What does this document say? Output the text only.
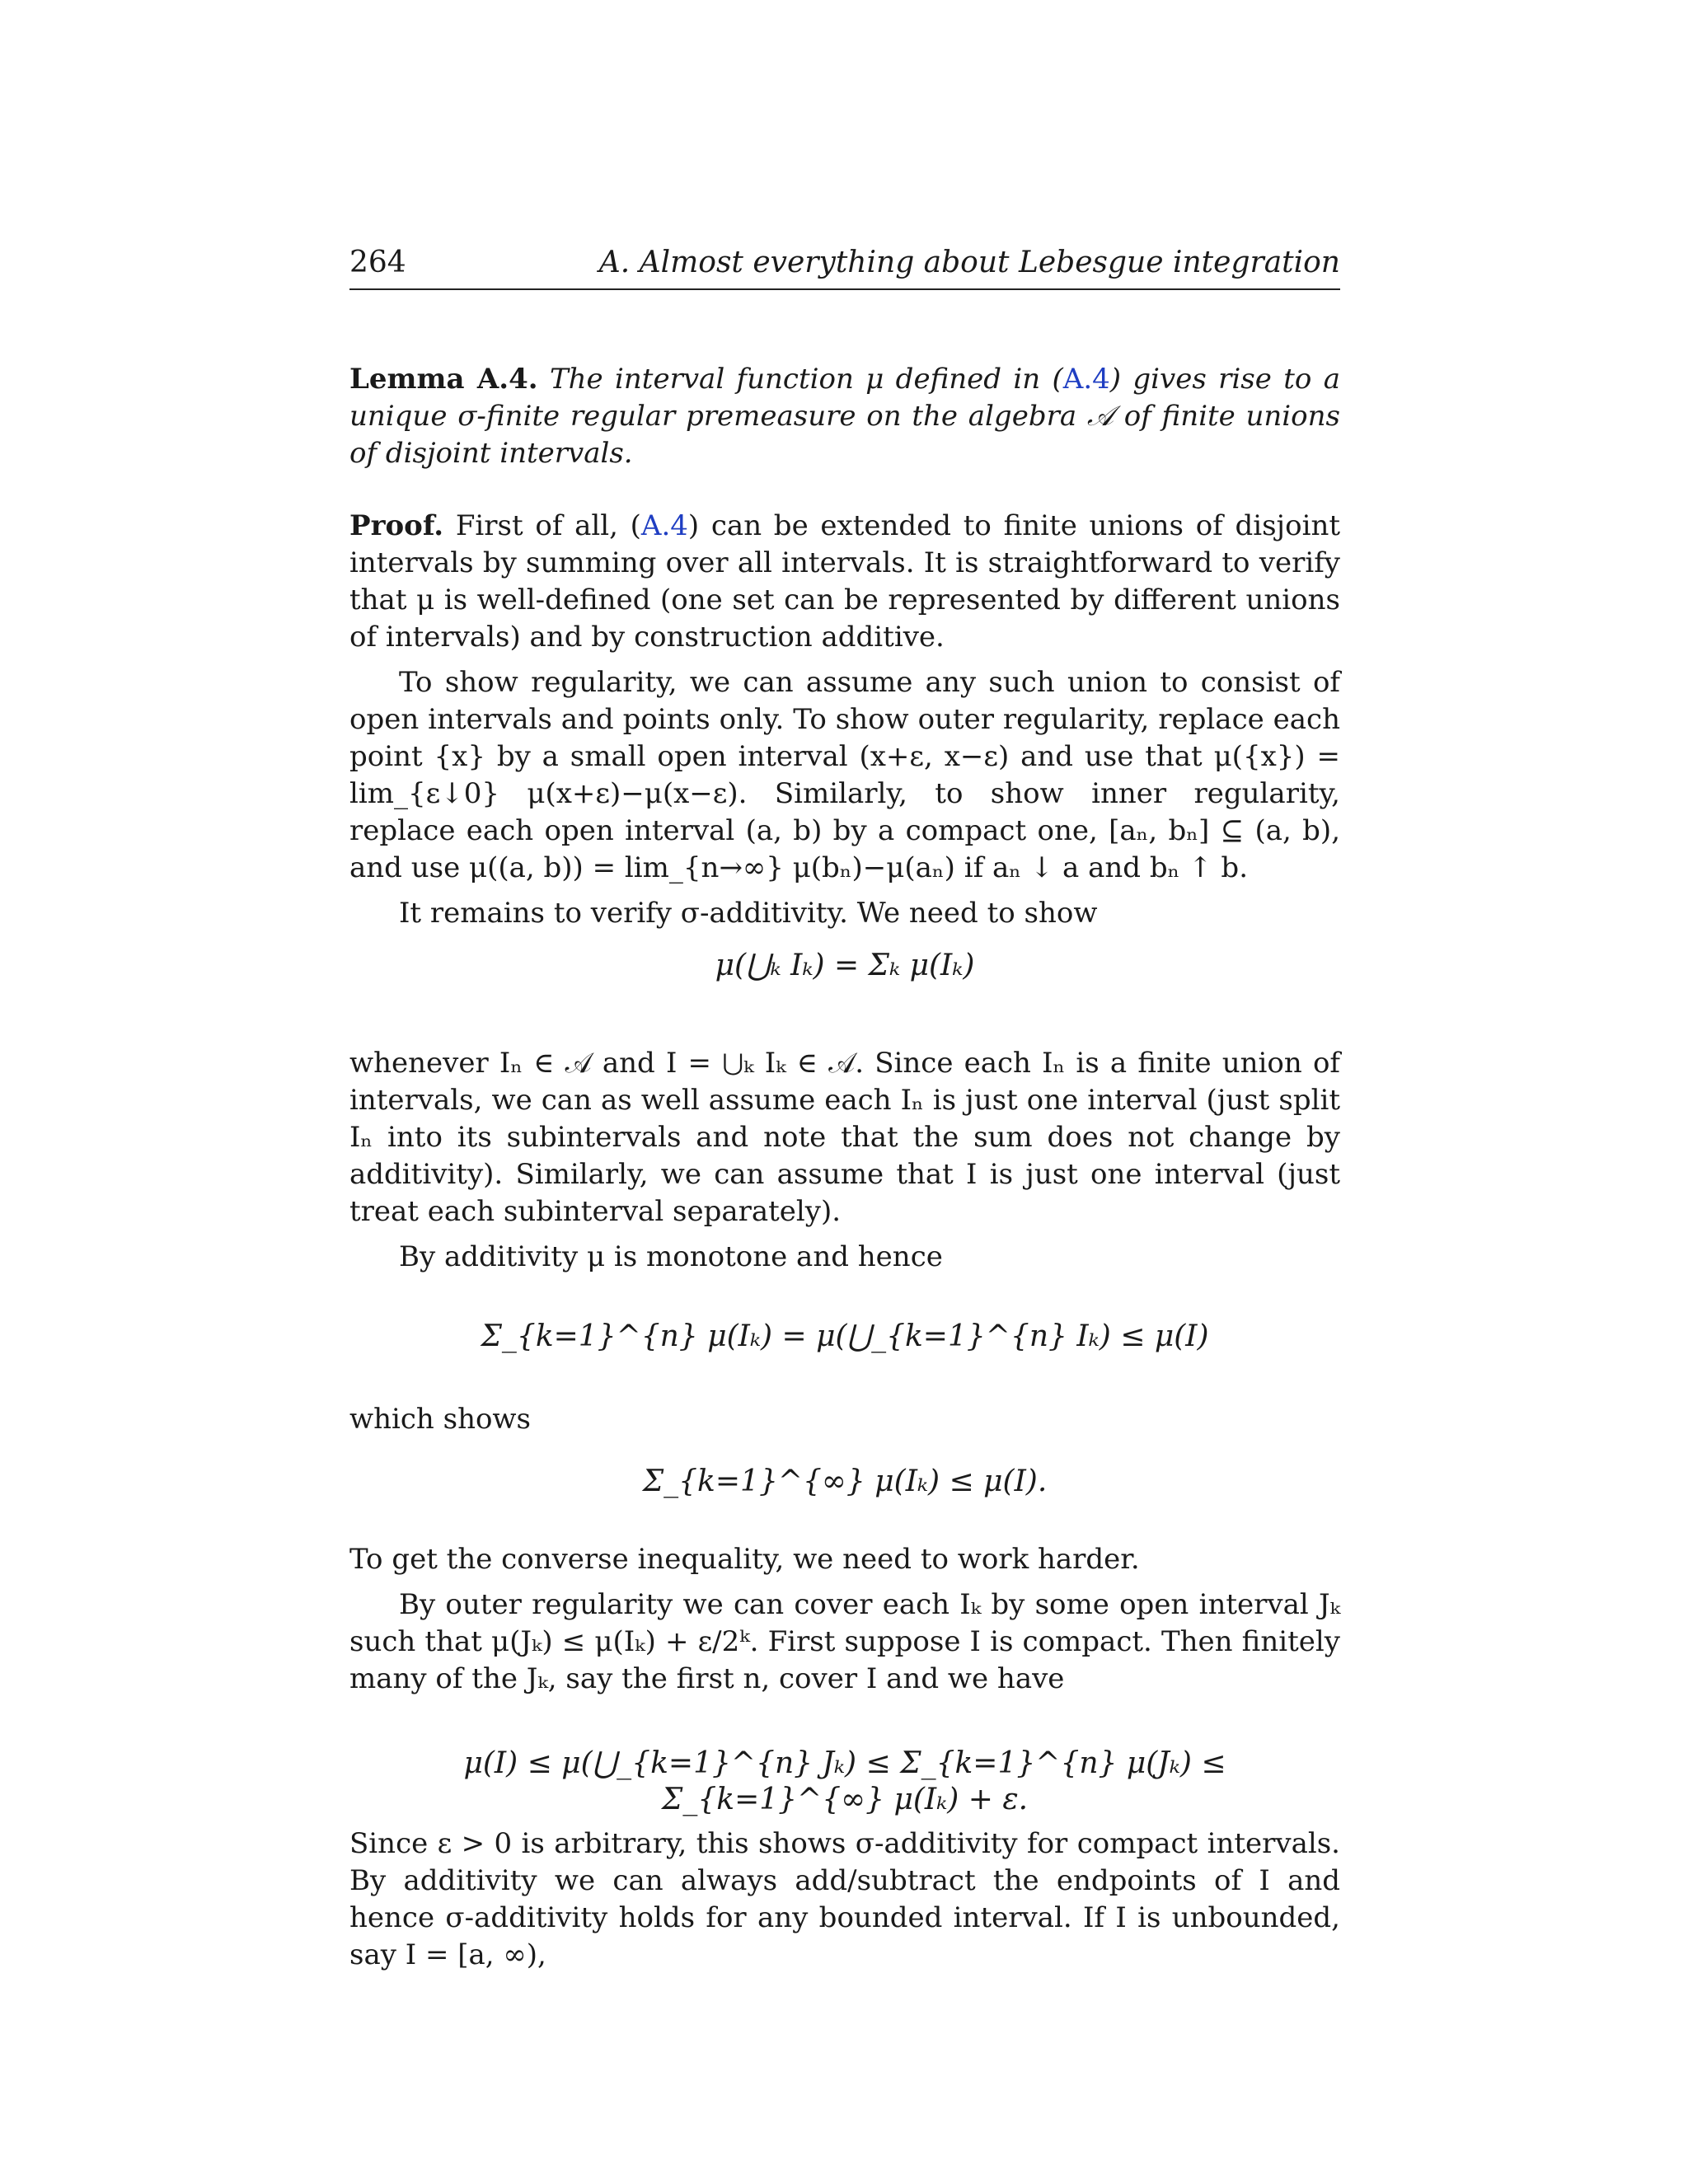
264	A. Almost everything about Lebesgue integration

Lemma A.4. The interval function μ defined in (A.4) gives rise to a unique σ-finite regular premeasure on the algebra 𝒜 of finite unions of disjoint intervals.

Proof. First of all, (A.4) can be extended to finite unions of disjoint intervals by summing over all intervals. It is straightforward to verify that μ is well-defined (one set can be represented by different unions of intervals) and by construction additive.

To show regularity, we can assume any such union to consist of open intervals and points only. To show outer regularity, replace each point {x} by a small open interval (x+ε, x−ε) and use that μ({x}) = lim_{ε↓0} μ(x+ε)−μ(x−ε). Similarly, to show inner regularity, replace each open interval (a, b) by a compact one, [aₙ, bₙ] ⊆ (a, b), and use μ((a, b)) = lim_{n→∞} μ(bₙ)−μ(aₙ) if aₙ ↓ a and bₙ ↑ b.

It remains to verify σ-additivity. We need to show

μ(⋃ₖ Iₖ) = Σₖ μ(Iₖ)

whenever Iₙ ∈ 𝒜 and I = ⋃ₖ Iₖ ∈ 𝒜. Since each Iₙ is a finite union of intervals, we can as well assume each Iₙ is just one interval (just split Iₙ into its subintervals and note that the sum does not change by additivity). Similarly, we can assume that I is just one interval (just treat each subinterval separately).

By additivity μ is monotone and hence

Σ_{k=1}^{n} μ(Iₖ) = μ(⋃_{k=1}^{n} Iₖ) ≤ μ(I)

which shows

Σ_{k=1}^{∞} μ(Iₖ) ≤ μ(I).

To get the converse inequality, we need to work harder.

By outer regularity we can cover each Iₖ by some open interval Jₖ such that μ(Jₖ) ≤ μ(Iₖ) + ε/2ᵏ. First suppose I is compact. Then finitely many of the Jₖ, say the first n, cover I and we have

μ(I) ≤ μ(⋃_{k=1}^{n} Jₖ) ≤ Σ_{k=1}^{n} μ(Jₖ) ≤ Σ_{k=1}^{∞} μ(Iₖ) + ε.

Since ε > 0 is arbitrary, this shows σ-additivity for compact intervals. By additivity we can always add/subtract the endpoints of I and hence σ-additivity holds for any bounded interval. If I is unbounded, say I = [a, ∞),
